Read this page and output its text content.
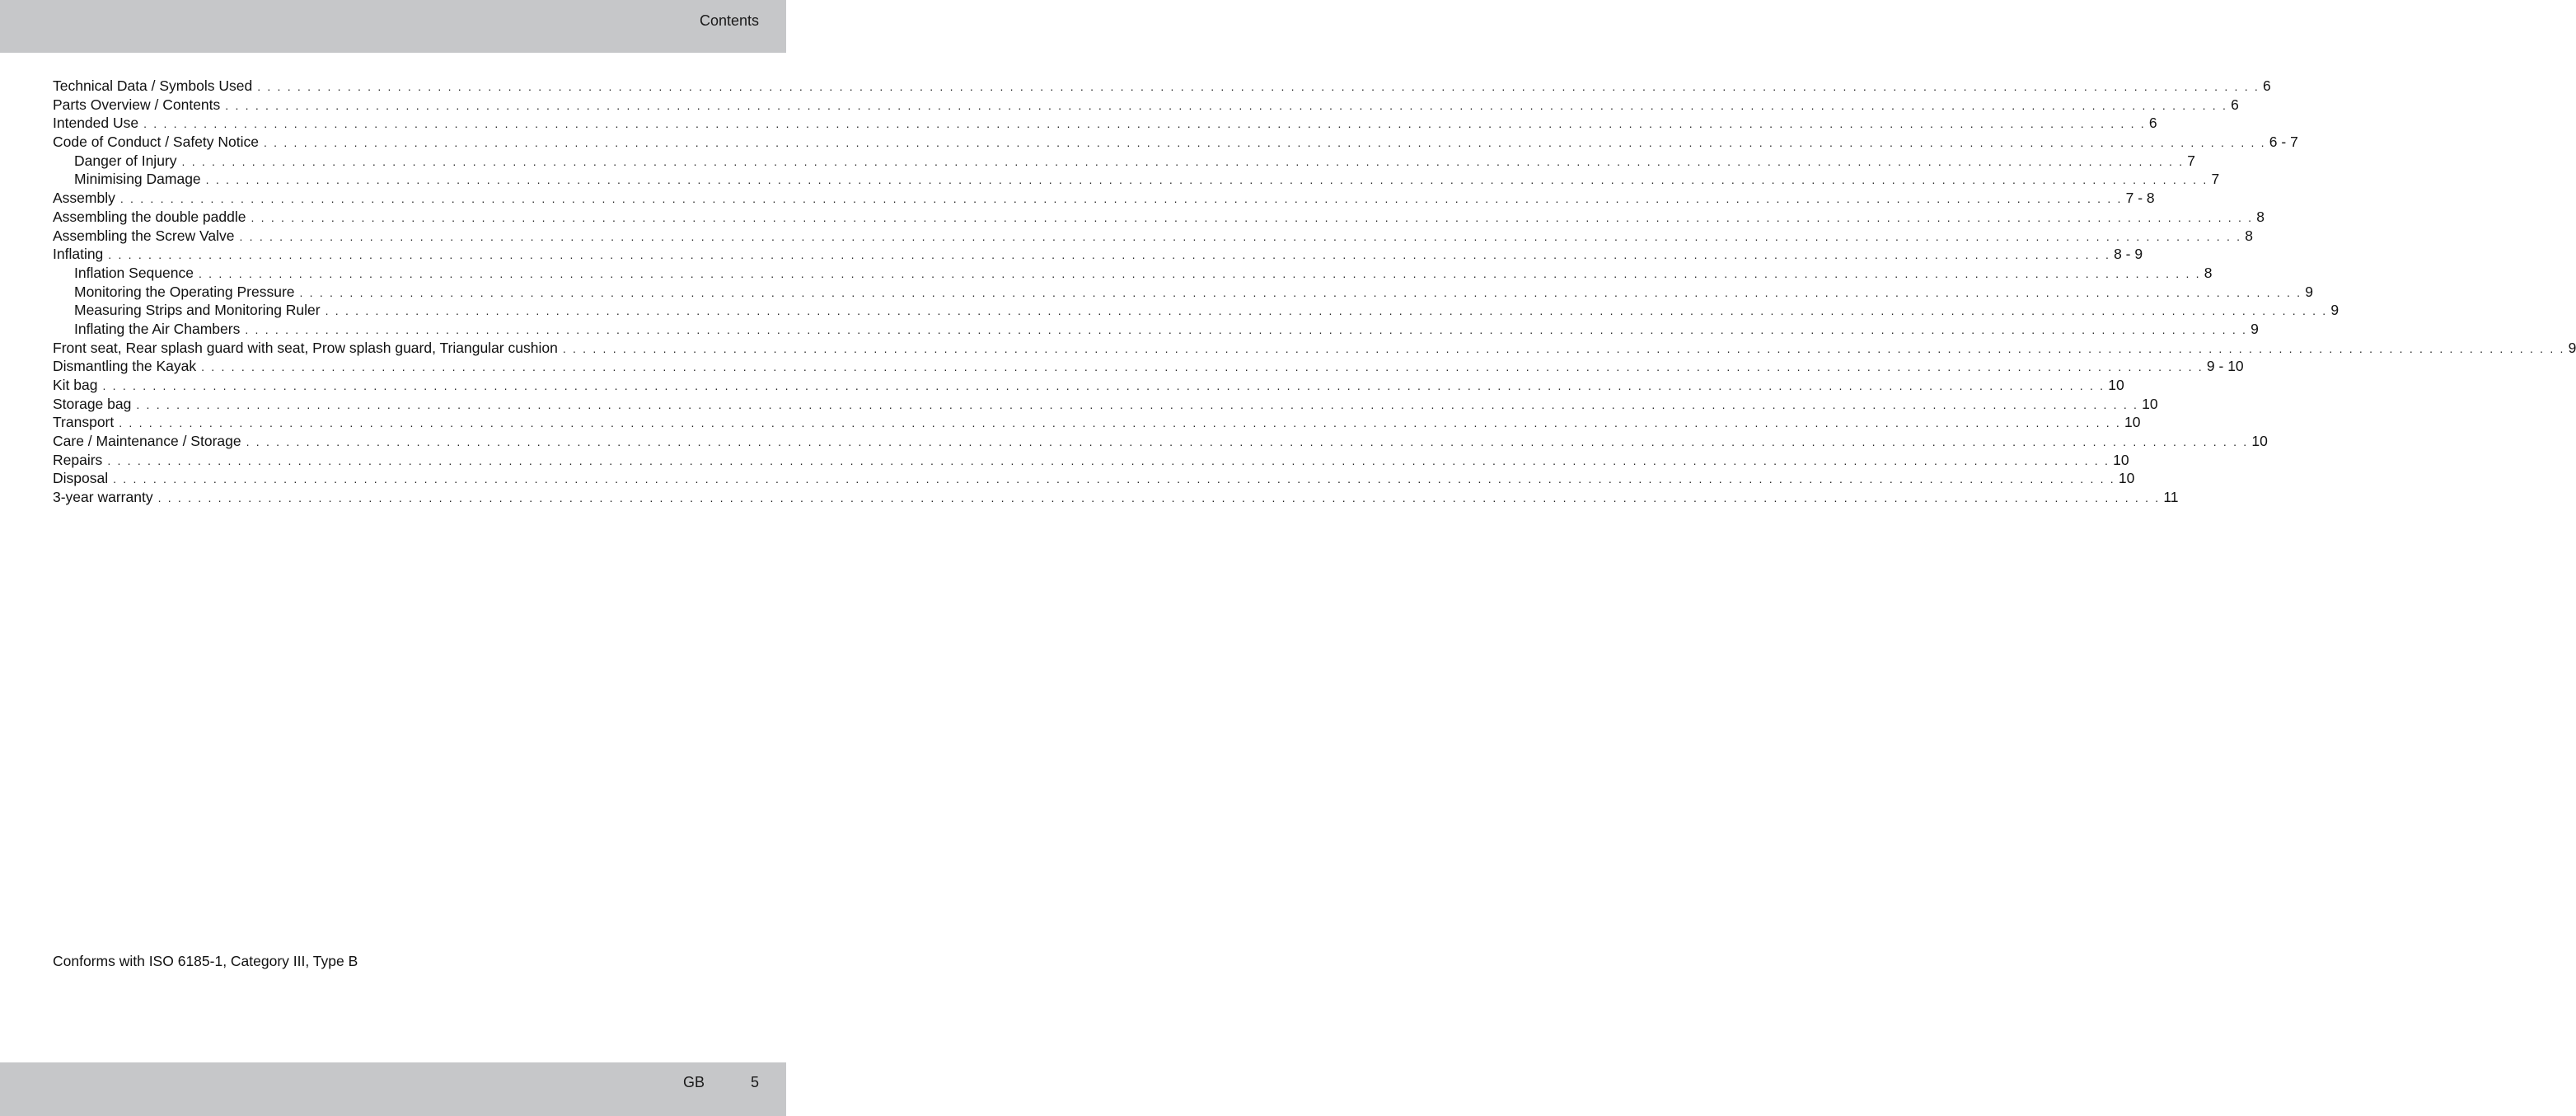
Contents
Technical Data / Symbols Used . . . . . . . . . . . . . . . . . . . . . . . . . . . . . . . . . . . . . . . . . . . . . . . . . . . . . . . . . . . . . . . . . . . . . . . . . . . . . . . . . . . . . . . . . . . . . . . . . . . . . . . . . . . . . . . . . . . . . . . . . . . . . . . . . . . . . . . . . . . . . . . . . . . . . . . . . . . . . . . . . . . . . . . . . . . . . . . . . . . . . . . . . . . . . . . . . . . . . . . . 6
Parts Overview / Contents . . . . . . . . . . . . . . . . . . . . . . . . . . . . . . . . . . . . . . . . . . . . . . . . . . . . . . . . . . . . . . . . . . . . . . . . . . . . . . . . . . . . . . . . . . . . . . . . . . . . . . . . . . . . . . . . . . . . . . . . . . . . . . . . . . . . . . . . . . . . . . . . . . . . . . . . . . . . . . . . . . . . . . . . . . . . . . . . . . . . . . . . . . . . . . . . . . . . . . . . 6
Intended Use . . . . . . . . . . . . . . . . . . . . . . . . . . . . . . . . . . . . . . . . . . . . . . . . . . . . . . . . . . . . . . . . . . . . . . . . . . . . . . . . . . . . . . . . . . . . . . . . . . . . . . . . . . . . . . . . . . . . . . . . . . . . . . . . . . . . . . . . . . . . . . . . . . . . . . . . . . . . . . . . . . . . . . . . . . . . . . . . . . . . . . . . . . . . . . . . . . . . . . . . 6
Code of Conduct / Safety Notice . . . . . . . . . . . . . . . . . . . . . . . . . . . . . . . . . . . . . . . . . . . . . . . . . . . . . . . . . . . . . . . . . . . . . . . . . . . . . . . . . . . . . . . . . . . . . . . . . . . . . . . . . . . . . . . . . . . . . . . . . . . . . . . . . . . . . . . . . . . . . . . . . . . . . . . . . . . . . . . . . . . . . . . . . . . . . . . . . . . . . . . . . . . . . . . . . . . . . . . . 6 - 7
Danger of Injury . . . . . . . . . . . . . . . . . . . . . . . . . . . . . . . . . . . . . . . . . . . . . . . . . . . . . . . . . . . . . . . . . . . . . . . . . . . . . . . . . . . . . . . . . . . . . . . . . . . . . . . . . . . . . . . . . . . . . . . . . . . . . . . . . . . . . . . . . . . . . . . . . . . . . . . . . . . . . . . . . . . . . . . . . . . . . . . . . . . . . . . . . . . . . . . . . . . . . . . . 7
Minimising Damage . . . . . . . . . . . . . . . . . . . . . . . . . . . . . . . . . . . . . . . . . . . . . . . . . . . . . . . . . . . . . . . . . . . . . . . . . . . . . . . . . . . . . . . . . . . . . . . . . . . . . . . . . . . . . . . . . . . . . . . . . . . . . . . . . . . . . . . . . . . . . . . . . . . . . . . . . . . . . . . . . . . . . . . . . . . . . . . . . . . . . . . . . . . . . . . . . . . . . . . . 7
Assembly . . . . . . . . . . . . . . . . . . . . . . . . . . . . . . . . . . . . . . . . . . . . . . . . . . . . . . . . . . . . . . . . . . . . . . . . . . . . . . . . . . . . . . . . . . . . . . . . . . . . . . . . . . . . . . . . . . . . . . . . . . . . . . . . . . . . . . . . . . . . . . . . . . . . . . . . . . . . . . . . . . . . . . . . . . . . . . . . . . . . . . . . . . . . . . . . . . . . . . . . 7 - 8
Assembling the double paddle . . . . . . . . . . . . . . . . . . . . . . . . . . . . . . . . . . . . . . . . . . . . . . . . . . . . . . . . . . . . . . . . . . . . . . . . . . . . . . . . . . . . . . . . . . . . . . . . . . . . . . . . . . . . . . . . . . . . . . . . . . . . . . . . . . . . . . . . . . . . . . . . . . . . . . . . . . . . . . . . . . . . . . . . . . . . . . . . . . . . . . . . . . . . . . . . . . . . . . . . 8
Assembling the Screw Valve . . . . . . . . . . . . . . . . . . . . . . . . . . . . . . . . . . . . . . . . . . . . . . . . . . . . . . . . . . . . . . . . . . . . . . . . . . . . . . . . . . . . . . . . . . . . . . . . . . . . . . . . . . . . . . . . . . . . . . . . . . . . . . . . . . . . . . . . . . . . . . . . . . . . . . . . . . . . . . . . . . . . . . . . . . . . . . . . . . . . . . . . . . . . . . . . . . . . . . . . 8
Inflating . . . . . . . . . . . . . . . . . . . . . . . . . . . . . . . . . . . . . . . . . . . . . . . . . . . . . . . . . . . . . . . . . . . . . . . . . . . . . . . . . . . . . . . . . . . . . . . . . . . . . . . . . . . . . . . . . . . . . . . . . . . . . . . . . . . . . . . . . . . . . . . . . . . . . . . . . . . . . . . . . . . . . . . . . . . . . . . . . . . . . . . . . . . . . . . . . . . . . . . . 8 - 9
Inflation Sequence . . . . . . . . . . . . . . . . . . . . . . . . . . . . . . . . . . . . . . . . . . . . . . . . . . . . . . . . . . . . . . . . . . . . . . . . . . . . . . . . . . . . . . . . . . . . . . . . . . . . . . . . . . . . . . . . . . . . . . . . . . . . . . . . . . . . . . . . . . . . . . . . . . . . . . . . . . . . . . . . . . . . . . . . . . . . . . . . . . . . . . . . . . . . . . . . . . . . . . . . 8
Monitoring the Operating Pressure . . . . . . . . . . . . . . . . . . . . . . . . . . . . . . . . . . . . . . . . . . . . . . . . . . . . . . . . . . . . . . . . . . . . . . . . . . . . . . . . . . . . . . . . . . . . . . . . . . . . . . . . . . . . . . . . . . . . . . . . . . . . . . . . . . . . . . . . . . . . . . . . . . . . . . . . . . . . . . . . . . . . . . . . . . . . . . . . . . . . . . . . . . . . . . . . . . . . . . . . 9
Measuring Strips and Monitoring Ruler . . . . . . . . . . . . . . . . . . . . . . . . . . . . . . . . . . . . . . . . . . . . . . . . . . . . . . . . . . . . . . . . . . . . . . . . . . . . . . . . . . . . . . . . . . . . . . . . . . . . . . . . . . . . . . . . . . . . . . . . . . . . . . . . . . . . . . . . . . . . . . . . . . . . . . . . . . . . . . . . . . . . . . . . . . . . . . . . . . . . . . . . . . . . . . . . . . . . . . . . 9
Inflating the Air Chambers . . . . . . . . . . . . . . . . . . . . . . . . . . . . . . . . . . . . . . . . . . . . . . . . . . . . . . . . . . . . . . . . . . . . . . . . . . . . . . . . . . . . . . . . . . . . . . . . . . . . . . . . . . . . . . . . . . . . . . . . . . . . . . . . . . . . . . . . . . . . . . . . . . . . . . . . . . . . . . . . . . . . . . . . . . . . . . . . . . . . . . . . . . . . . . . . . . . . . . . . 9
Front seat, Rear splash guard with seat, Prow splash guard, Triangular cushion . . . . . . . . . . . . . . . . . . . . . . . . . . . . . . . . . . . . . . . . . . . . . . . . . . . . . . . . . . . . . . . . . . . . . . . . . . . . . . . . . . . . . . . . . . . . . . . . . . . . . . . . . . . . . . . . . . . . . . . . . . . . . . . . . . . . . . . . . . . . . . . . . . . . . . . . . . . . . . . . . . . . . . . . . . . . . . . . . . . . . . . . . . . . . . . . . . . . . . . . 9
Dismantling the Kayak . . . . . . . . . . . . . . . . . . . . . . . . . . . . . . . . . . . . . . . . . . . . . . . . . . . . . . . . . . . . . . . . . . . . . . . . . . . . . . . . . . . . . . . . . . . . . . . . . . . . . . . . . . . . . . . . . . . . . . . . . . . . . . . . . . . . . . . . . . . . . . . . . . . . . . . . . . . . . . . . . . . . . . . . . . . . . . . . . . . . . . . . . . . . . . . . . . . . . . . . 9 - 10
Kit bag . . . . . . . . . . . . . . . . . . . . . . . . . . . . . . . . . . . . . . . . . . . . . . . . . . . . . . . . . . . . . . . . . . . . . . . . . . . . . . . . . . . . . . . . . . . . . . . . . . . . . . . . . . . . . . . . . . . . . . . . . . . . . . . . . . . . . . . . . . . . . . . . . . . . . . . . . . . . . . . . . . . . . . . . . . . . . . . . . . . . . . . . . . . . . . . . . . . . . . . . 10
Storage bag . . . . . . . . . . . . . . . . . . . . . . . . . . . . . . . . . . . . . . . . . . . . . . . . . . . . . . . . . . . . . . . . . . . . . . . . . . . . . . . . . . . . . . . . . . . . . . . . . . . . . . . . . . . . . . . . . . . . . . . . . . . . . . . . . . . . . . . . . . . . . . . . . . . . . . . . . . . . . . . . . . . . . . . . . . . . . . . . . . . . . . . . . . . . . . . . . . . . . . . . 10
Transport . . . . . . . . . . . . . . . . . . . . . . . . . . . . . . . . . . . . . . . . . . . . . . . . . . . . . . . . . . . . . . . . . . . . . . . . . . . . . . . . . . . . . . . . . . . . . . . . . . . . . . . . . . . . . . . . . . . . . . . . . . . . . . . . . . . . . . . . . . . . . . . . . . . . . . . . . . . . . . . . . . . . . . . . . . . . . . . . . . . . . . . . . . . . . . . . . . . . . . . . 10
Care / Maintenance / Storage . . . . . . . . . . . . . . . . . . . . . . . . . . . . . . . . . . . . . . . . . . . . . . . . . . . . . . . . . . . . . . . . . . . . . . . . . . . . . . . . . . . . . . . . . . . . . . . . . . . . . . . . . . . . . . . . . . . . . . . . . . . . . . . . . . . . . . . . . . . . . . . . . . . . . . . . . . . . . . . . . . . . . . . . . . . . . . . . . . . . . . . . . . . . . . . . . . . . . . . . 10
Repairs . . . . . . . . . . . . . . . . . . . . . . . . . . . . . . . . . . . . . . . . . . . . . . . . . . . . . . . . . . . . . . . . . . . . . . . . . . . . . . . . . . . . . . . . . . . . . . . . . . . . . . . . . . . . . . . . . . . . . . . . . . . . . . . . . . . . . . . . . . . . . . . . . . . . . . . . . . . . . . . . . . . . . . . . . . . . . . . . . . . . . . . . . . . . . . . . . . . . . . . . 10
Disposal . . . . . . . . . . . . . . . . . . . . . . . . . . . . . . . . . . . . . . . . . . . . . . . . . . . . . . . . . . . . . . . . . . . . . . . . . . . . . . . . . . . . . . . . . . . . . . . . . . . . . . . . . . . . . . . . . . . . . . . . . . . . . . . . . . . . . . . . . . . . . . . . . . . . . . . . . . . . . . . . . . . . . . . . . . . . . . . . . . . . . . . . . . . . . . . . . . . . . . . . 10
3-year warranty . . . . . . . . . . . . . . . . . . . . . . . . . . . . . . . . . . . . . . . . . . . . . . . . . . . . . . . . . . . . . . . . . . . . . . . . . . . . . . . . . . . . . . . . . . . . . . . . . . . . . . . . . . . . . . . . . . . . . . . . . . . . . . . . . . . . . . . . . . . . . . . . . . . . . . . . . . . . . . . . . . . . . . . . . . . . . . . . . . . . . . . . . . . . . . . . . . . . . . . . 11
Conforms with ISO 6185-1, Category III, Type B
GB	5
